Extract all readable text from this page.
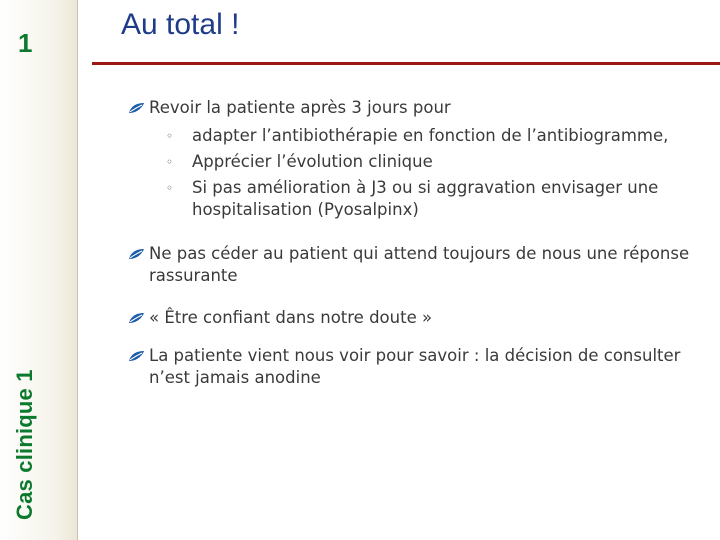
1
Cas clinique 1
Au total !
Revoir la patiente après 3 jours pour
◦ adapter l’antibiothérapie en fonction de l’antibiogramme,
◦ Apprécier l’évolution clinique
◦ Si pas amélioration à J3 ou si aggravation envisager une hospitalisation (Pyosalpinx)
Ne pas céder au patient qui attend toujours de nous une réponse rassurante
« Être confiant dans notre doute »
La patiente vient nous voir pour savoir : la décision de consulter n’est jamais anodine
